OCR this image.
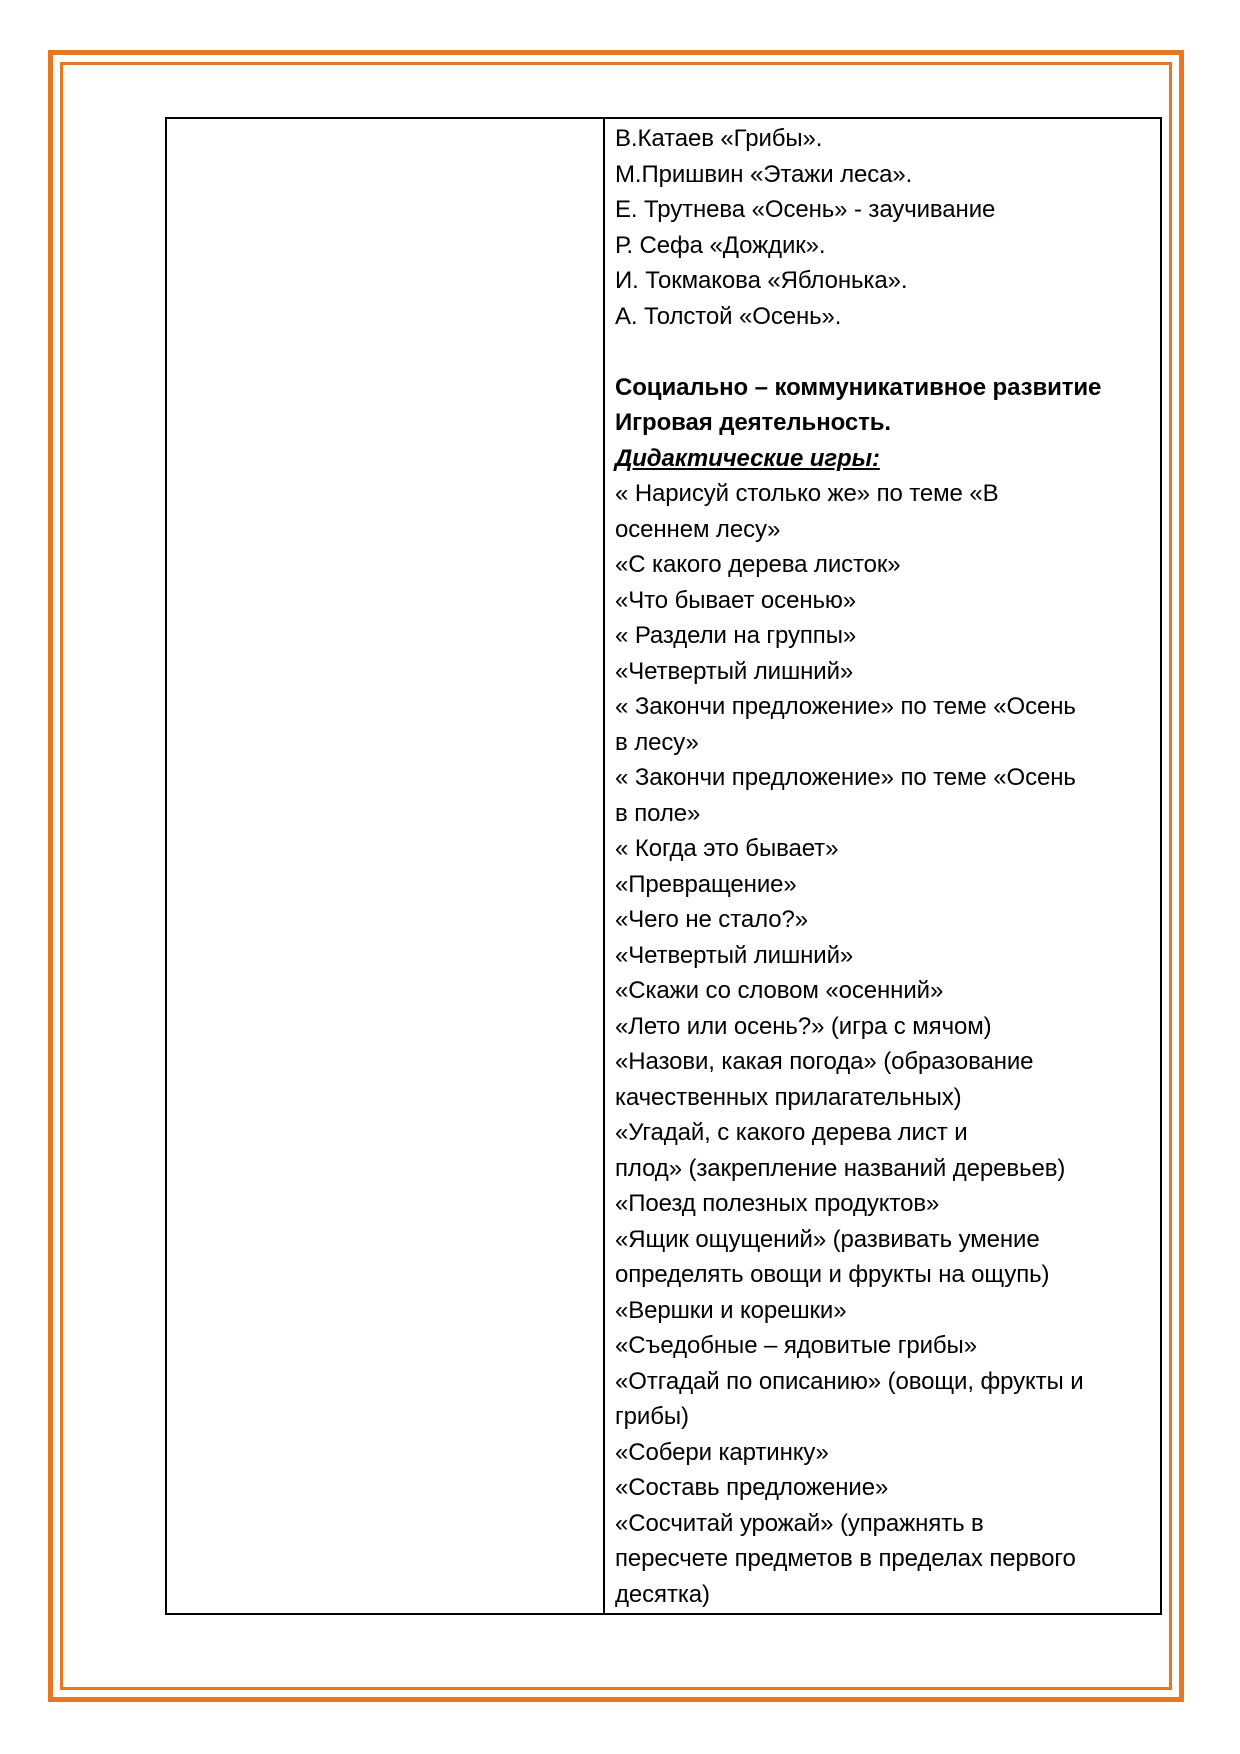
В.Катаев «Грибы».
М.Пришвин «Этажи леса».
Е. Трутнева «Осень» - заучивание
Р. Сефа «Дождик».
И. Токмакова «Яблонька».
А. Толстой «Осень».
Социально – коммуникативное развитие
Игровая деятельность.
Дидактические игры:
« Нарисуй столько же» по теме «В
осеннем лесу»
«С какого дерева листок»
«Что бывает осенью»
« Раздели на группы»
«Четвертый лишний»
« Закончи предложение» по теме «Осень
в лесу»
« Закончи предложение» по теме «Осень
в поле»
« Когда это бывает»
«Превращение»
«Чего не стало?»
«Четвертый лишний»
«Скажи со словом «осенний»
«Лето или осень?» (игра с мячом)
«Назови, какая погода» (образование
качественных прилагательных)
«Угадай, с какого дерева лист и
плод» (закрепление названий деревьев)
«Поезд полезных продуктов»
«Ящик ощущений» (развивать умение
определять овощи и фрукты на ощупь)
«Вершки и корешки»
«Съедобные – ядовитые грибы»
«Отгадай по описанию» (овощи, фрукты и
грибы)
«Собери картинку»
«Составь предложение»
«Сосчитай урожай» (упражнять в
пересчете предметов в пределах первого
десятка)
